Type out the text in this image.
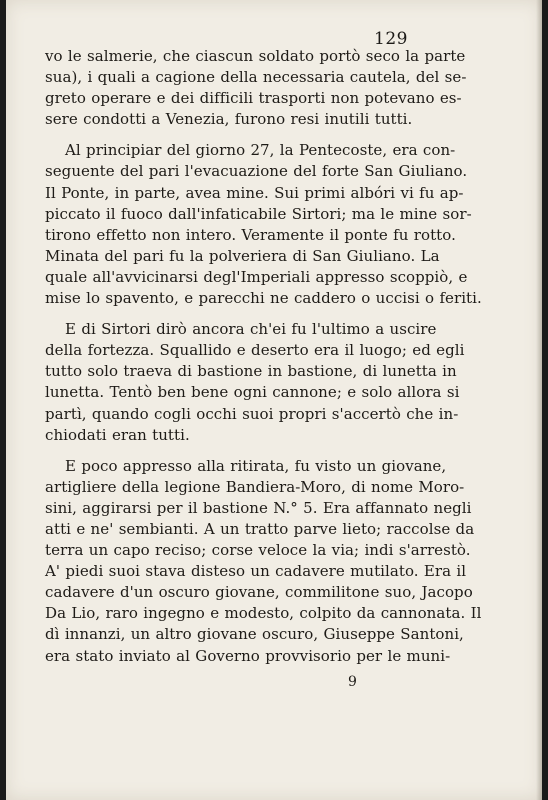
129
vo le salmerie, che ciascun soldato portò seco la parte
sua), i quali a cagione della necessaria cautela, del se-
greto operare e dei difficili trasporti non potevano es-
sere condotti a Venezia, furono resi inutili tutti.
Al principiar del giorno 27, la Pentecoste, era con-
seguente del pari l'evacuazione del forte San Giuliano.
Il Ponte, in parte, avea mine. Sui primi albóri vi fu ap-
piccato il fuoco dall'infaticabile Sirtori; ma le mine sor-
tirono effetto non intero. Veramente il ponte fu rotto.
Minata del pari fu la polveriera di San Giuliano. La
quale all'avvicinarsi degl'Imperiali appresso scoppiò, e
mise lo spavento, e parecchi ne caddero o uccisi o feriti.
E di Sirtori dirò ancora ch'ei fu l'ultimo a uscire
della fortezza. Squallido e deserto era il luogo; ed egli
tutto solo traeva di bastione in bastione, di lunetta in
lunetta. Tentò ben bene ogni cannone; e solo allora si
partì, quando cogli occhi suoi propri s'accertò che in-
chiodati eran tutti.
E poco appresso alla ritirata, fu visto un giovane,
artigliere della legione Bandiera-Moro, di nome Moro-
sini, aggirarsi per il bastione N.° 5. Era affannato negli
atti e ne' sembianti. A un tratto parve lieto; raccolse da
terra un capo reciso; corse veloce la via; indi s'arrestò.
A' piedi suoi stava disteso un cadavere mutilato. Era il
cadavere d'un oscuro giovane, commilitone suo, Jacopo
Da Lio, raro ingegno e modesto, colpito da cannonata. Il
dì innanzi, un altro giovane oscuro, Giuseppe Santoni,
era stato inviato al Governo provvisorio per le muni-
9
